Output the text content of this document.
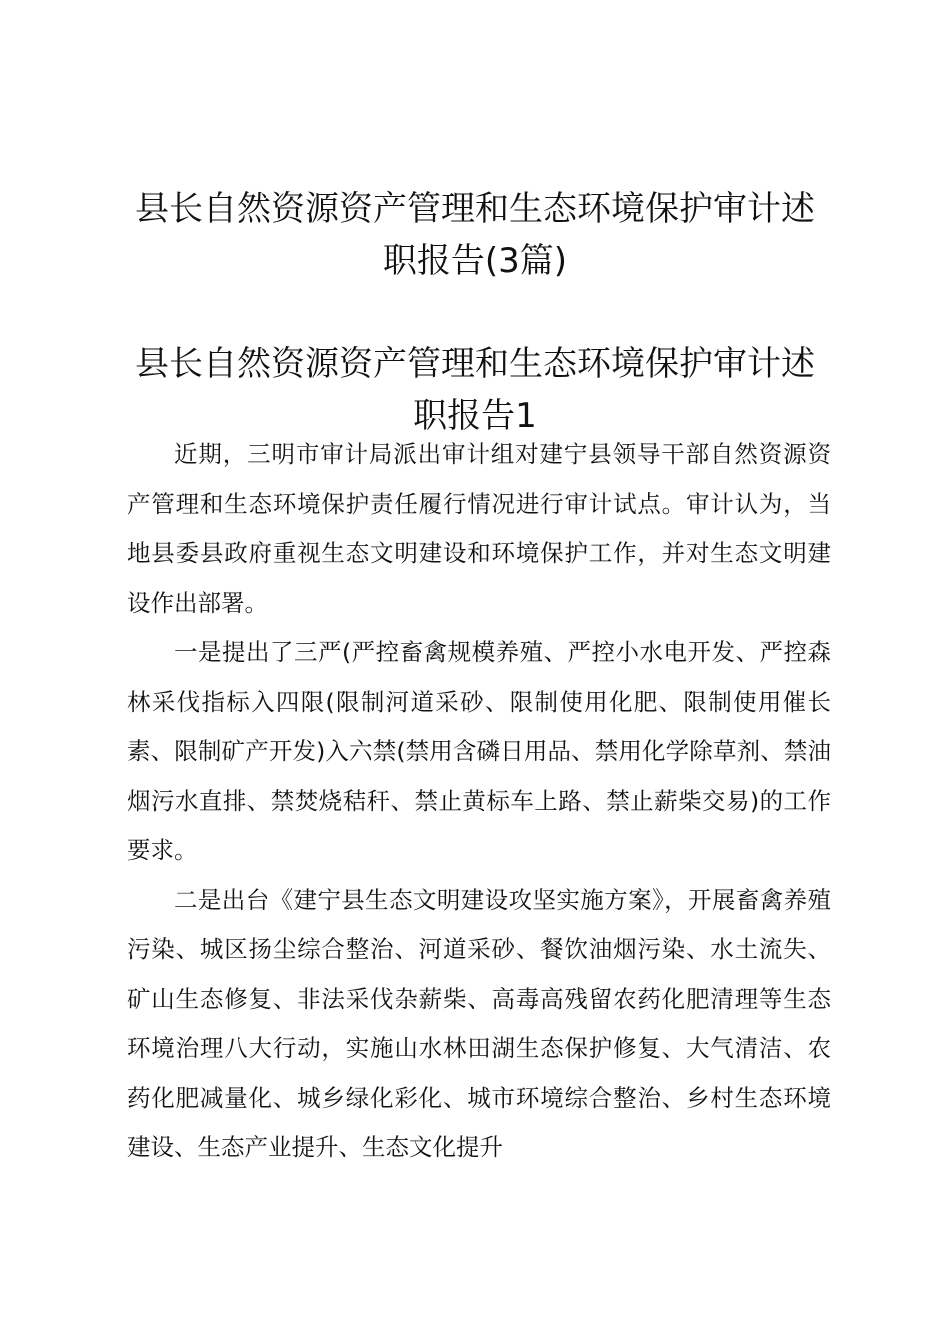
县长自然资源资产管理和生态环境保护审计述
职报告(3篇)
县长自然资源资产管理和生态环境保护审计述
职报告1

近期，三明市审计局派出审计组对建宁县领导干部自然资源资产管理和生态环境保护责任履行情况进行审计试点。审计认为，当地县委县政府重视生态文明建设和环境保护工作，并对生态文明建设作出部署。

一是提出了三严(严控畜禽规模养殖、严控小水电开发、严控森林采伐指标入四限(限制河道采砂、限制使用化肥、限制使用催长素、限制矿产开发)入六禁(禁用含磷日用品、禁用化学除草剂、禁油烟污水直排、禁焚烧秸秆、禁止黄标车上路、禁止薪柴交易)的工作要求。

二是出台《建宁县生态文明建设攻坚实施方案》，开展畜禽养殖污染、城区扬尘综合整治、河道采砂、餐饮油烟污染、水土流失、矿山生态修复、非法采伐杂薪柴、高毒高残留农药化肥清理等生态环境治理八大行动，实施山水林田湖生态保护修复、大气清洁、农药化肥减量化、城乡绿化彩化、城市环境综合整治、乡村生态环境建设、生态产业提升、生态文化提升
